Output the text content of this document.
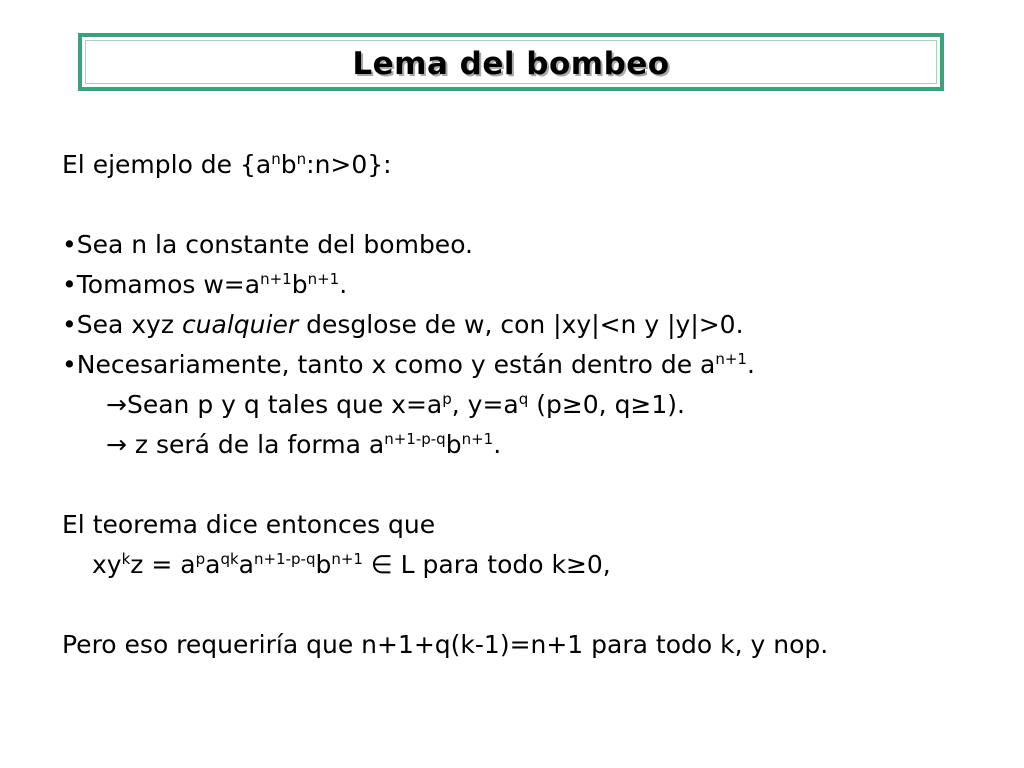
Lema del bombeo
El ejemplo de $\{a^nb^n:n>0\}$:
• Sea n la constante del bombeo.
• Tomamos $w=a^{n+1}b^{n+1}$.
• Sea xyz cualquier desglose de w, con |xy|<n y |y|>0.
• Necesariamente, tanto x como y están dentro de $a^{n+1}$.
→Sean p y q tales que $x=a^p$, $y=a^q$ (p≥0, q≥1).
→ z será de la forma $a^{n+1-p-q}b^{n+1}$.
El teorema dice entonces que
$xy^kz = a^pa^{qk}a^{n+1-p-q}b^{n+1}$ ∈ L para todo k≥0,
Pero eso requeriría que n+1+q(k-1)=n+1 para todo k, y nop.
